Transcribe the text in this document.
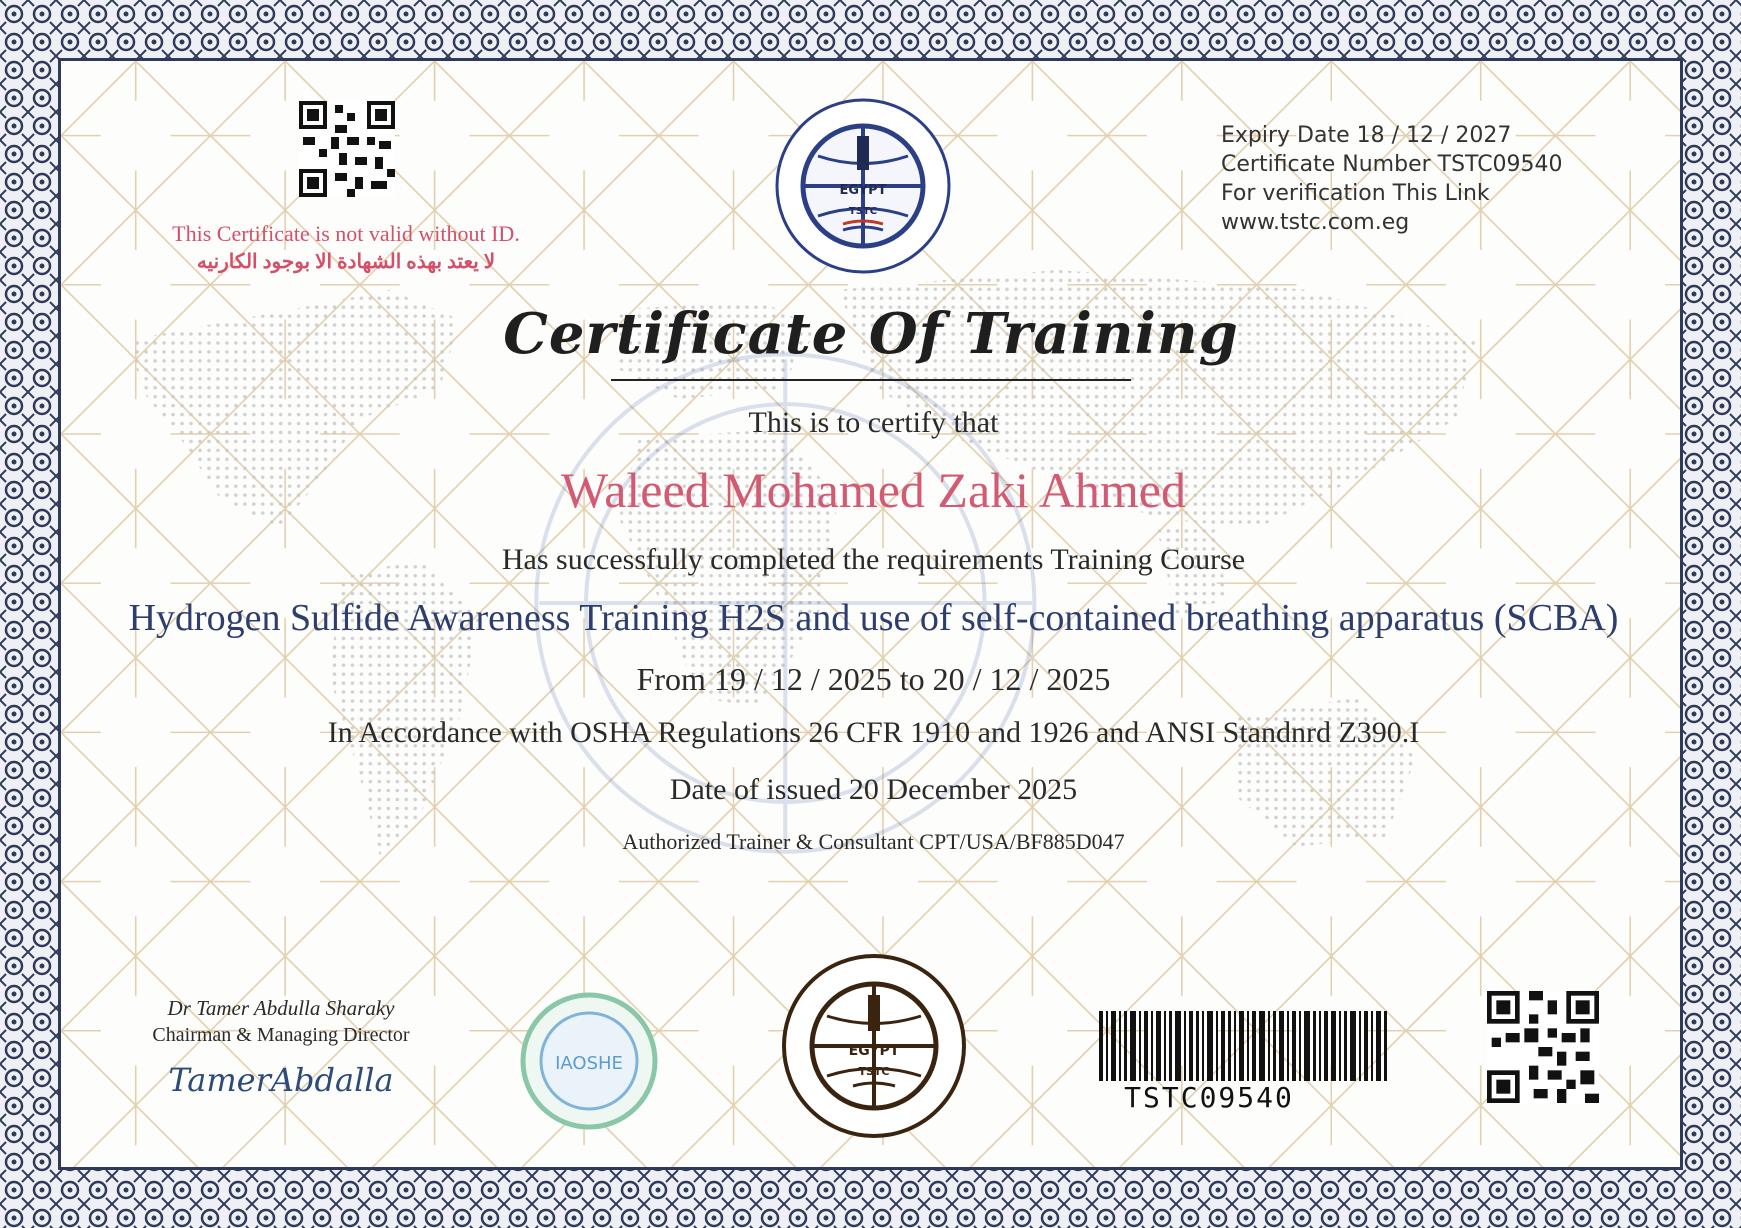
This Certificate is not valid without ID.
لا يعتد بهذه الشهادة الا بوجود الكارنيه
EGYPT
TSTC
Expiry Date 18 / 12 / 2027
Certificate Number TSTC09540
For verification This Link
www.tstc.com.eg
Certificate Of Training
This is to certify that
Waleed Mohamed Zaki Ahmed
Has successfully completed the requirements Training Course
Hydrogen Sulfide Awareness Training H2S and use of self-contained breathing apparatus (SCBA)
From 19 / 12 / 2025 to 20 / 12 / 2025
In Accordance with OSHA Regulations 26 CFR 1910 and 1926 and ANSI Standnrd Z390.I
Date of issued 20 December 2025
Authorized Trainer & Consultant CPT/USA/BF885D047
Dr Tamer Abdulla Sharaky
Chairman & Managing Director
TamerAbdalla	IAOSHE
EGYPT
TSTC
TSTC09540
